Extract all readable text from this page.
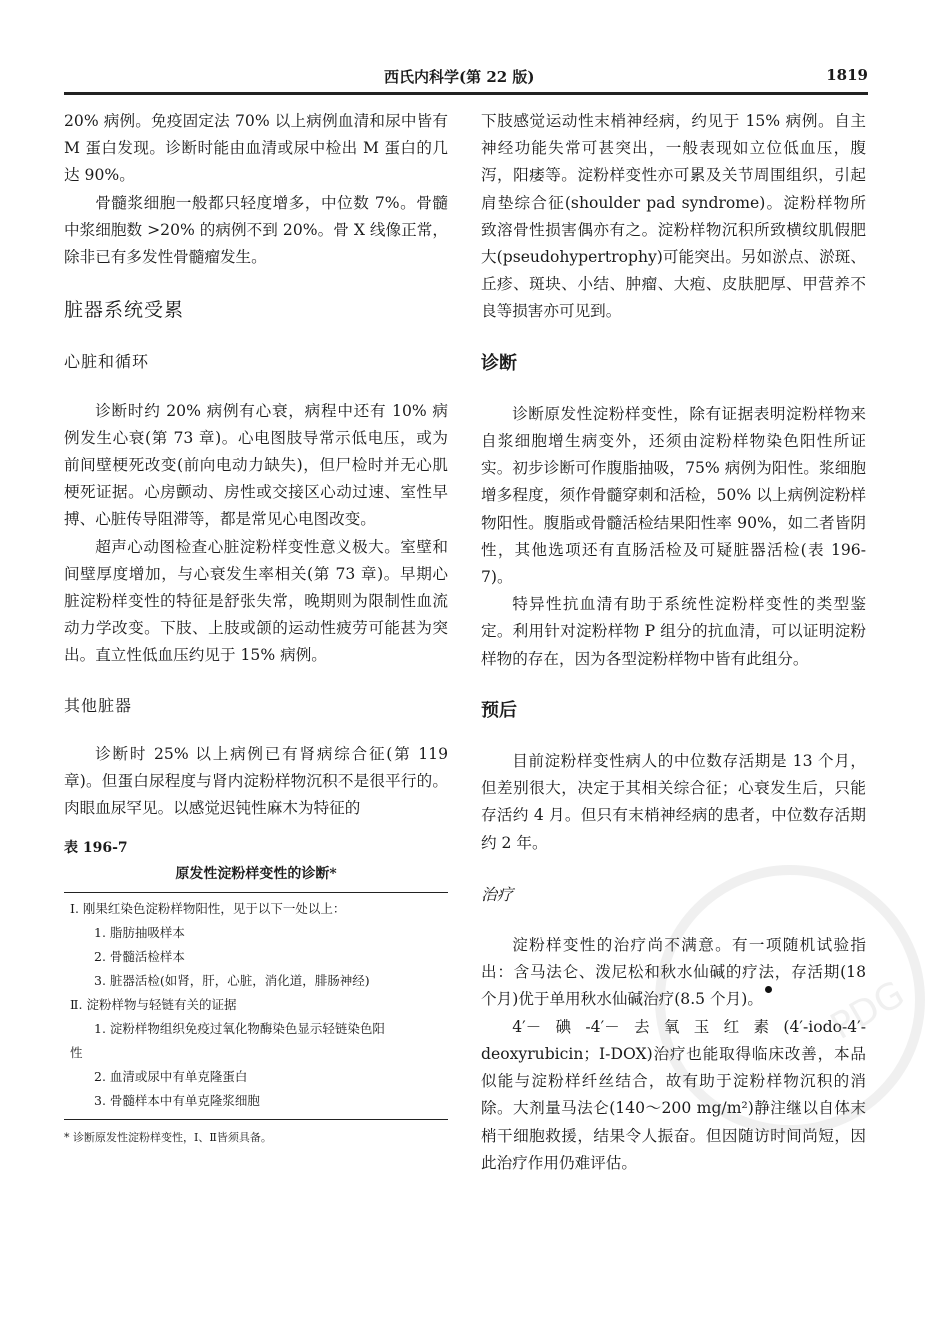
西氏内科学(第 22 版)	1819

20% 病例。免疫固定法 70% 以上病例血清和尿中皆有 M 蛋白发现。诊断时能由血清或尿中检出 M 蛋白的几达 90%。

骨髓浆细胞一般都只轻度增多，中位数 7%。骨髓中浆细胞数 >20% 的病例不到 20%。骨 X 线像正常，除非已有多发性骨髓瘤发生。

脏器系统受累
心脏和循环

诊断时约 20% 病例有心衰，病程中还有 10% 病例发生心衰(第 73 章)。心电图肢导常示低电压，或为前间壁梗死改变(前向电动力缺失)，但尸检时并无心肌梗死证据。心房颤动、房性或交接区心动过速、室性早搏、心脏传导阻滞等，都是常见心电图改变。

超声心动图检查心脏淀粉样变性意义极大。室壁和间壁厚度增加，与心衰发生率相关(第 73 章)。早期心脏淀粉样变性的特征是舒张失常，晚期则为限制性血流动力学改变。下肢、上肢或颌的运动性疲劳可能甚为突出。直立性低血压约见于 15% 病例。

其他脏器

诊断时 25% 以上病例已有肾病综合征(第 119 章)。但蛋白尿程度与肾内淀粉样物沉积不是很平行的。肉眼血尿罕见。以感觉迟钝性麻木为特征的

表 196-7
原发性淀粉样变性的诊断*
Ⅰ. 刚果红染色淀粉样物阳性，见于以下一处以上：
1. 脂肪抽吸样本
2. 骨髓活检样本
3. 脏器活检(如肾，肝，心脏，消化道，腓肠神经)
Ⅱ. 淀粉样物与轻链有关的证据
1. 淀粉样物组织免疫过氧化物酶染色显示轻链染色阳
性
2. 血清或尿中有单克隆蛋白
3. 骨髓样本中有单克隆浆细胞
* 诊断原发性淀粉样变性，Ⅰ、Ⅱ皆须具备。

下肢感觉运动性末梢神经病，约见于 15% 病例。自主神经功能失常可甚突出，一般表现如立位低血压，腹泻，阳痿等。淀粉样变性亦可累及关节周围组织，引起肩垫综合征(shoulder pad syndrome)。淀粉样物所致溶骨性损害偶亦有之。淀粉样物沉积所致横纹肌假肥大(pseudohypertrophy)可能突出。另如淤点、淤斑、丘疹、斑块、小结、肿瘤、大疱、皮肤肥厚、甲营养不良等损害亦可见到。

诊断

诊断原发性淀粉样变性，除有证据表明淀粉样物来自浆细胞增生病变外，还须由淀粉样物染色阳性所证实。初步诊断可作腹脂抽吸，75% 病例为阳性。浆细胞增多程度，须作骨髓穿刺和活检，50% 以上病例淀粉样物阳性。腹脂或骨髓活检结果阳性率 90%，如二者皆阴性，其他选项还有直肠活检及可疑脏器活检(表 196-7)。

特异性抗血清有助于系统性淀粉样变性的类型鉴定。利用针对淀粉样物 P 组分的抗血清，可以证明淀粉样物的存在，因为各型淀粉样物中皆有此组分。

预后

目前淀粉样变性病人的中位数存活期是 13 个月，但差别很大，决定于其相关综合征；心衰发生后，只能存活约 4 月。但只有末梢神经病的患者，中位数存活期约 2 年。

治疗

淀粉样变性的治疗尚不满意。有一项随机试验指出：含马法仑、泼尼松和秋水仙碱的疗法，存活期(18 个月)优于单用秋水仙碱治疗(8.5 个月)。

4′－碘-4′－去氧玉红素(4′-iodo-4′-deoxyrubicin；I-DOX)治疗也能取得临床改善，本品似能与淀粉样纤丝结合，故有助于淀粉样物沉积的消除。大剂量马法仑(140～200 mg/m²)静注继以自体末梢干细胞救援，结果令人振奋。但因随访时间尚短，因此治疗作用仍难评估。

PDG
